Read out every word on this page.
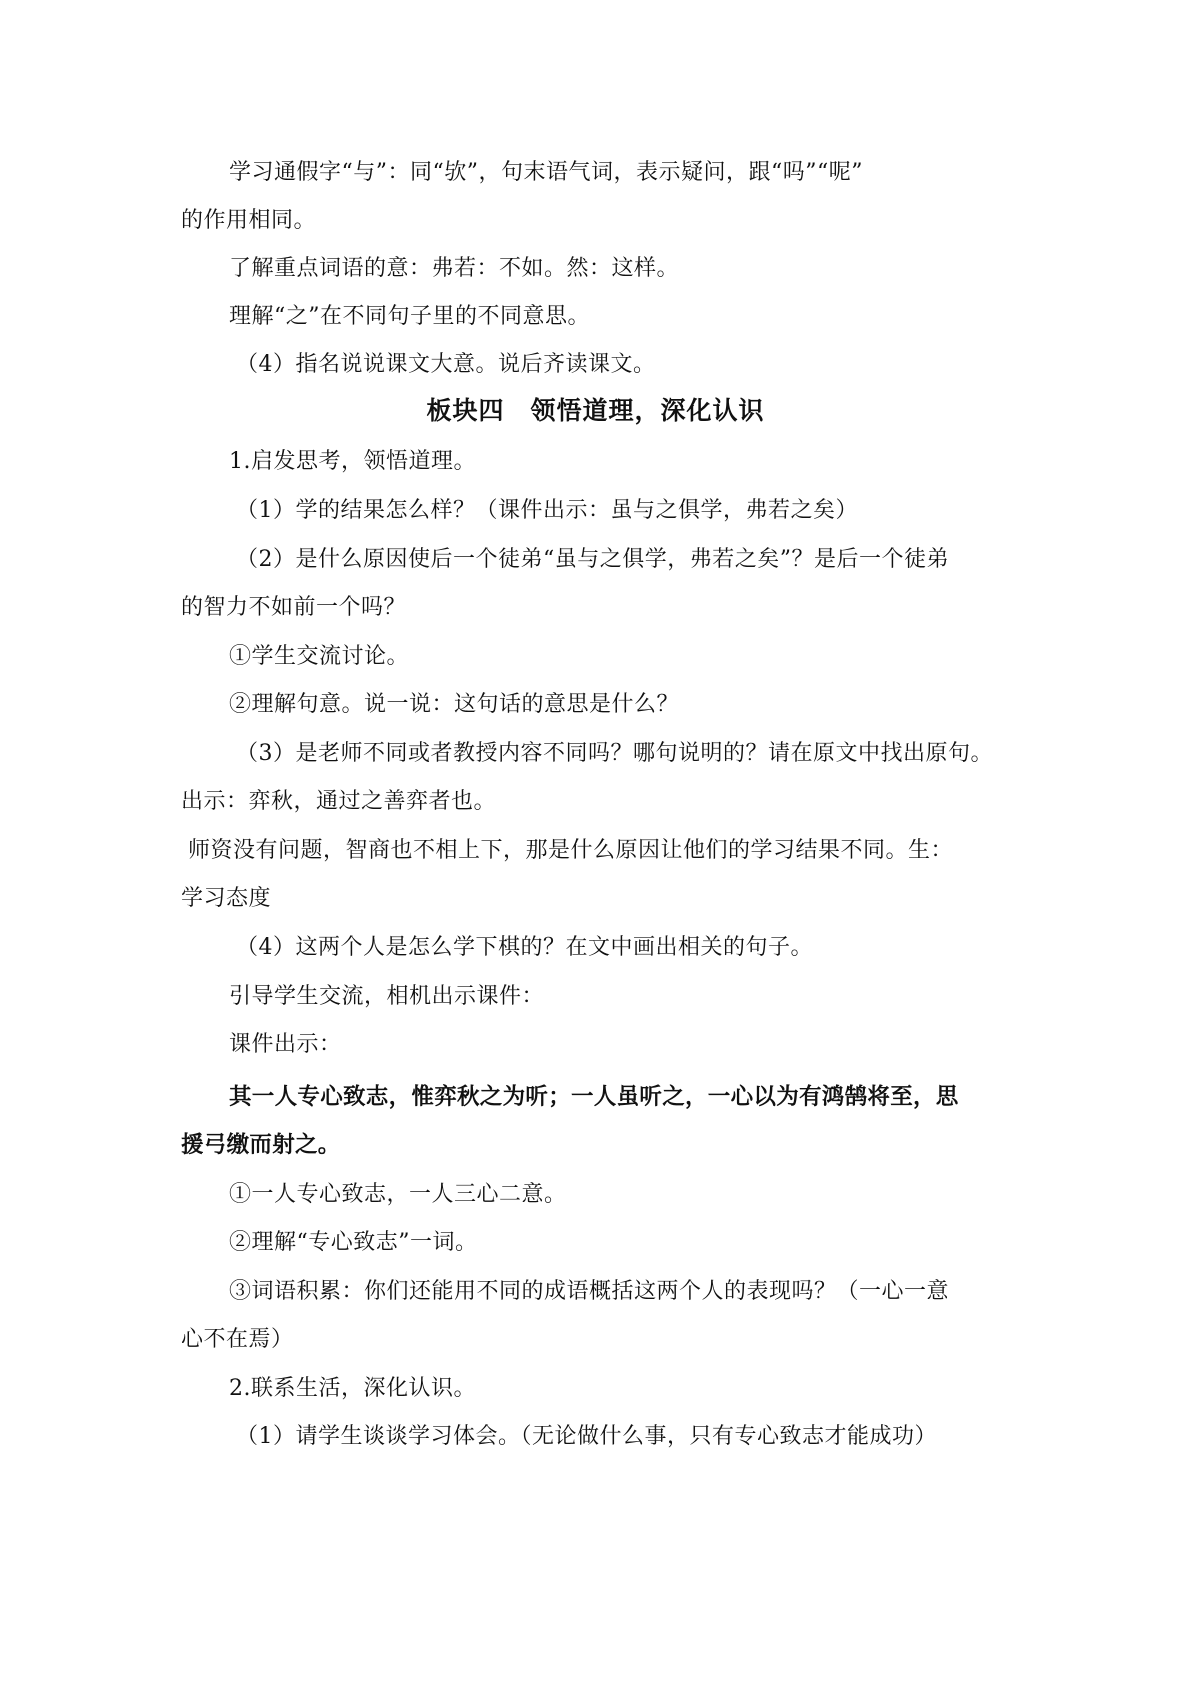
学习通假字“与”：同“欤”，句末语气词，表示疑问，跟“吗”“呢”
的作用相同。
了解重点词语的意：弗若：不如。然：这样。
理解“之”在不同句子里的不同意思。
（4）指名说说课文大意。说后齐读课文。
板块四　领悟道理，深化认识
1.启发思考，领悟道理。
（1）学的结果怎么样？（课件出示：虽与之俱学，弗若之矣）
（2）是什么原因使后一个徒弟“虽与之俱学，弗若之矣”？是后一个徒弟
的智力不如前一个吗？
①学生交流讨论。
②理解句意。说一说：这句话的意思是什么？
（3）是老师不同或者教授内容不同吗？哪句说明的？请在原文中找出原句。
出示：弈秋，通过之善弈者也。
师资没有问题，智商也不相上下，那是什么原因让他们的学习结果不同。生：
学习态度
（4）这两个人是怎么学下棋的？在文中画出相关的句子。
引导学生交流，相机出示课件：
课件出示：
其一人专心致志，惟弈秋之为听；一人虽听之，一心以为有鸿鹄将至，思
援弓缴而射之。
①一人专心致志，一人三心二意。
②理解“专心致志”一词。
③词语积累：你们还能用不同的成语概括这两个人的表现吗？（一心一意
心不在焉）
2.联系生活，深化认识。
（1）请学生谈谈学习体会。（无论做什么事，只有专心致志才能成功）
